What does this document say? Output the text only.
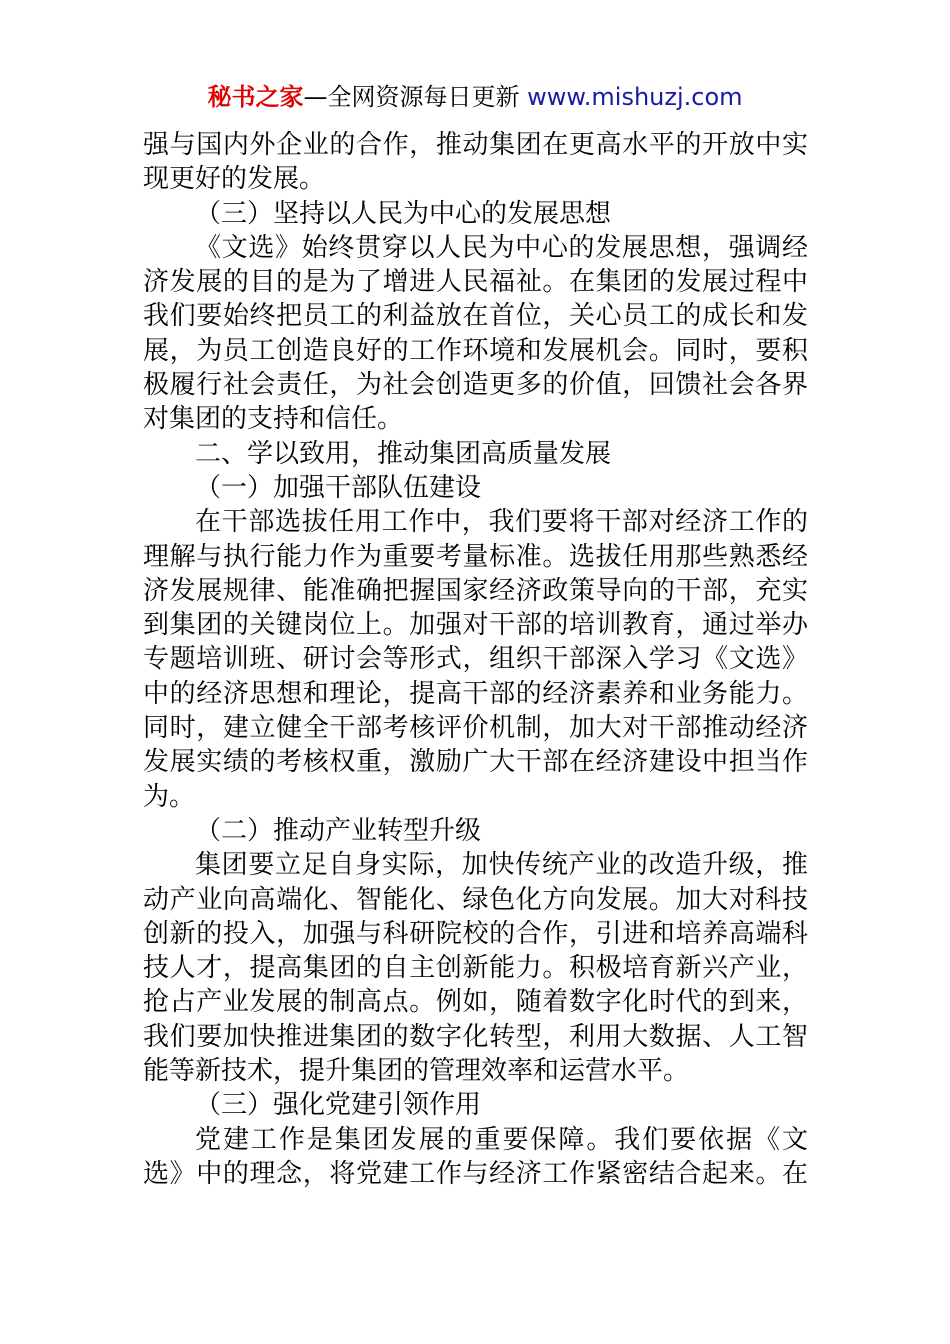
秘书之家—全网资源每日更新 www.mishuzj.com
强与国内外企业的合作，推动集团在更高水平的开放中实
现更好的发展。
（三）坚持以人民为中心的发展思想
《文选》始终贯穿以人民为中心的发展思想，强调经
济发展的目的是为了增进人民福祉。在集团的发展过程中
我们要始终把员工的利益放在首位，关心员工的成长和发
展，为员工创造良好的工作环境和发展机会。同时，要积
极履行社会责任，为社会创造更多的价值，回馈社会各界
对集团的支持和信任。
二、学以致用，推动集团高质量发展
（一）加强干部队伍建设
在干部选拔任用工作中，我们要将干部对经济工作的
理解与执行能力作为重要考量标准。选拔任用那些熟悉经
济发展规律、能准确把握国家经济政策导向的干部，充实
到集团的关键岗位上。加强对干部的培训教育，通过举办
专题培训班、研讨会等形式，组织干部深入学习《文选》
中的经济思想和理论，提高干部的经济素养和业务能力。
同时，建立健全干部考核评价机制，加大对干部推动经济
发展实绩的考核权重，激励广大干部在经济建设中担当作
为。
（二）推动产业转型升级
集团要立足自身实际，加快传统产业的改造升级，推
动产业向高端化、智能化、绿色化方向发展。加大对科技
创新的投入，加强与科研院校的合作，引进和培养高端科
技人才，提高集团的自主创新能力。积极培育新兴产业，
抢占产业发展的制高点。例如，随着数字化时代的到来，
我们要加快推进集团的数字化转型，利用大数据、人工智
能等新技术，提升集团的管理效率和运营水平。
（三）强化党建引领作用
党建工作是集团发展的重要保障。我们要依据《文
选》中的理念，将党建工作与经济工作紧密结合起来。在
